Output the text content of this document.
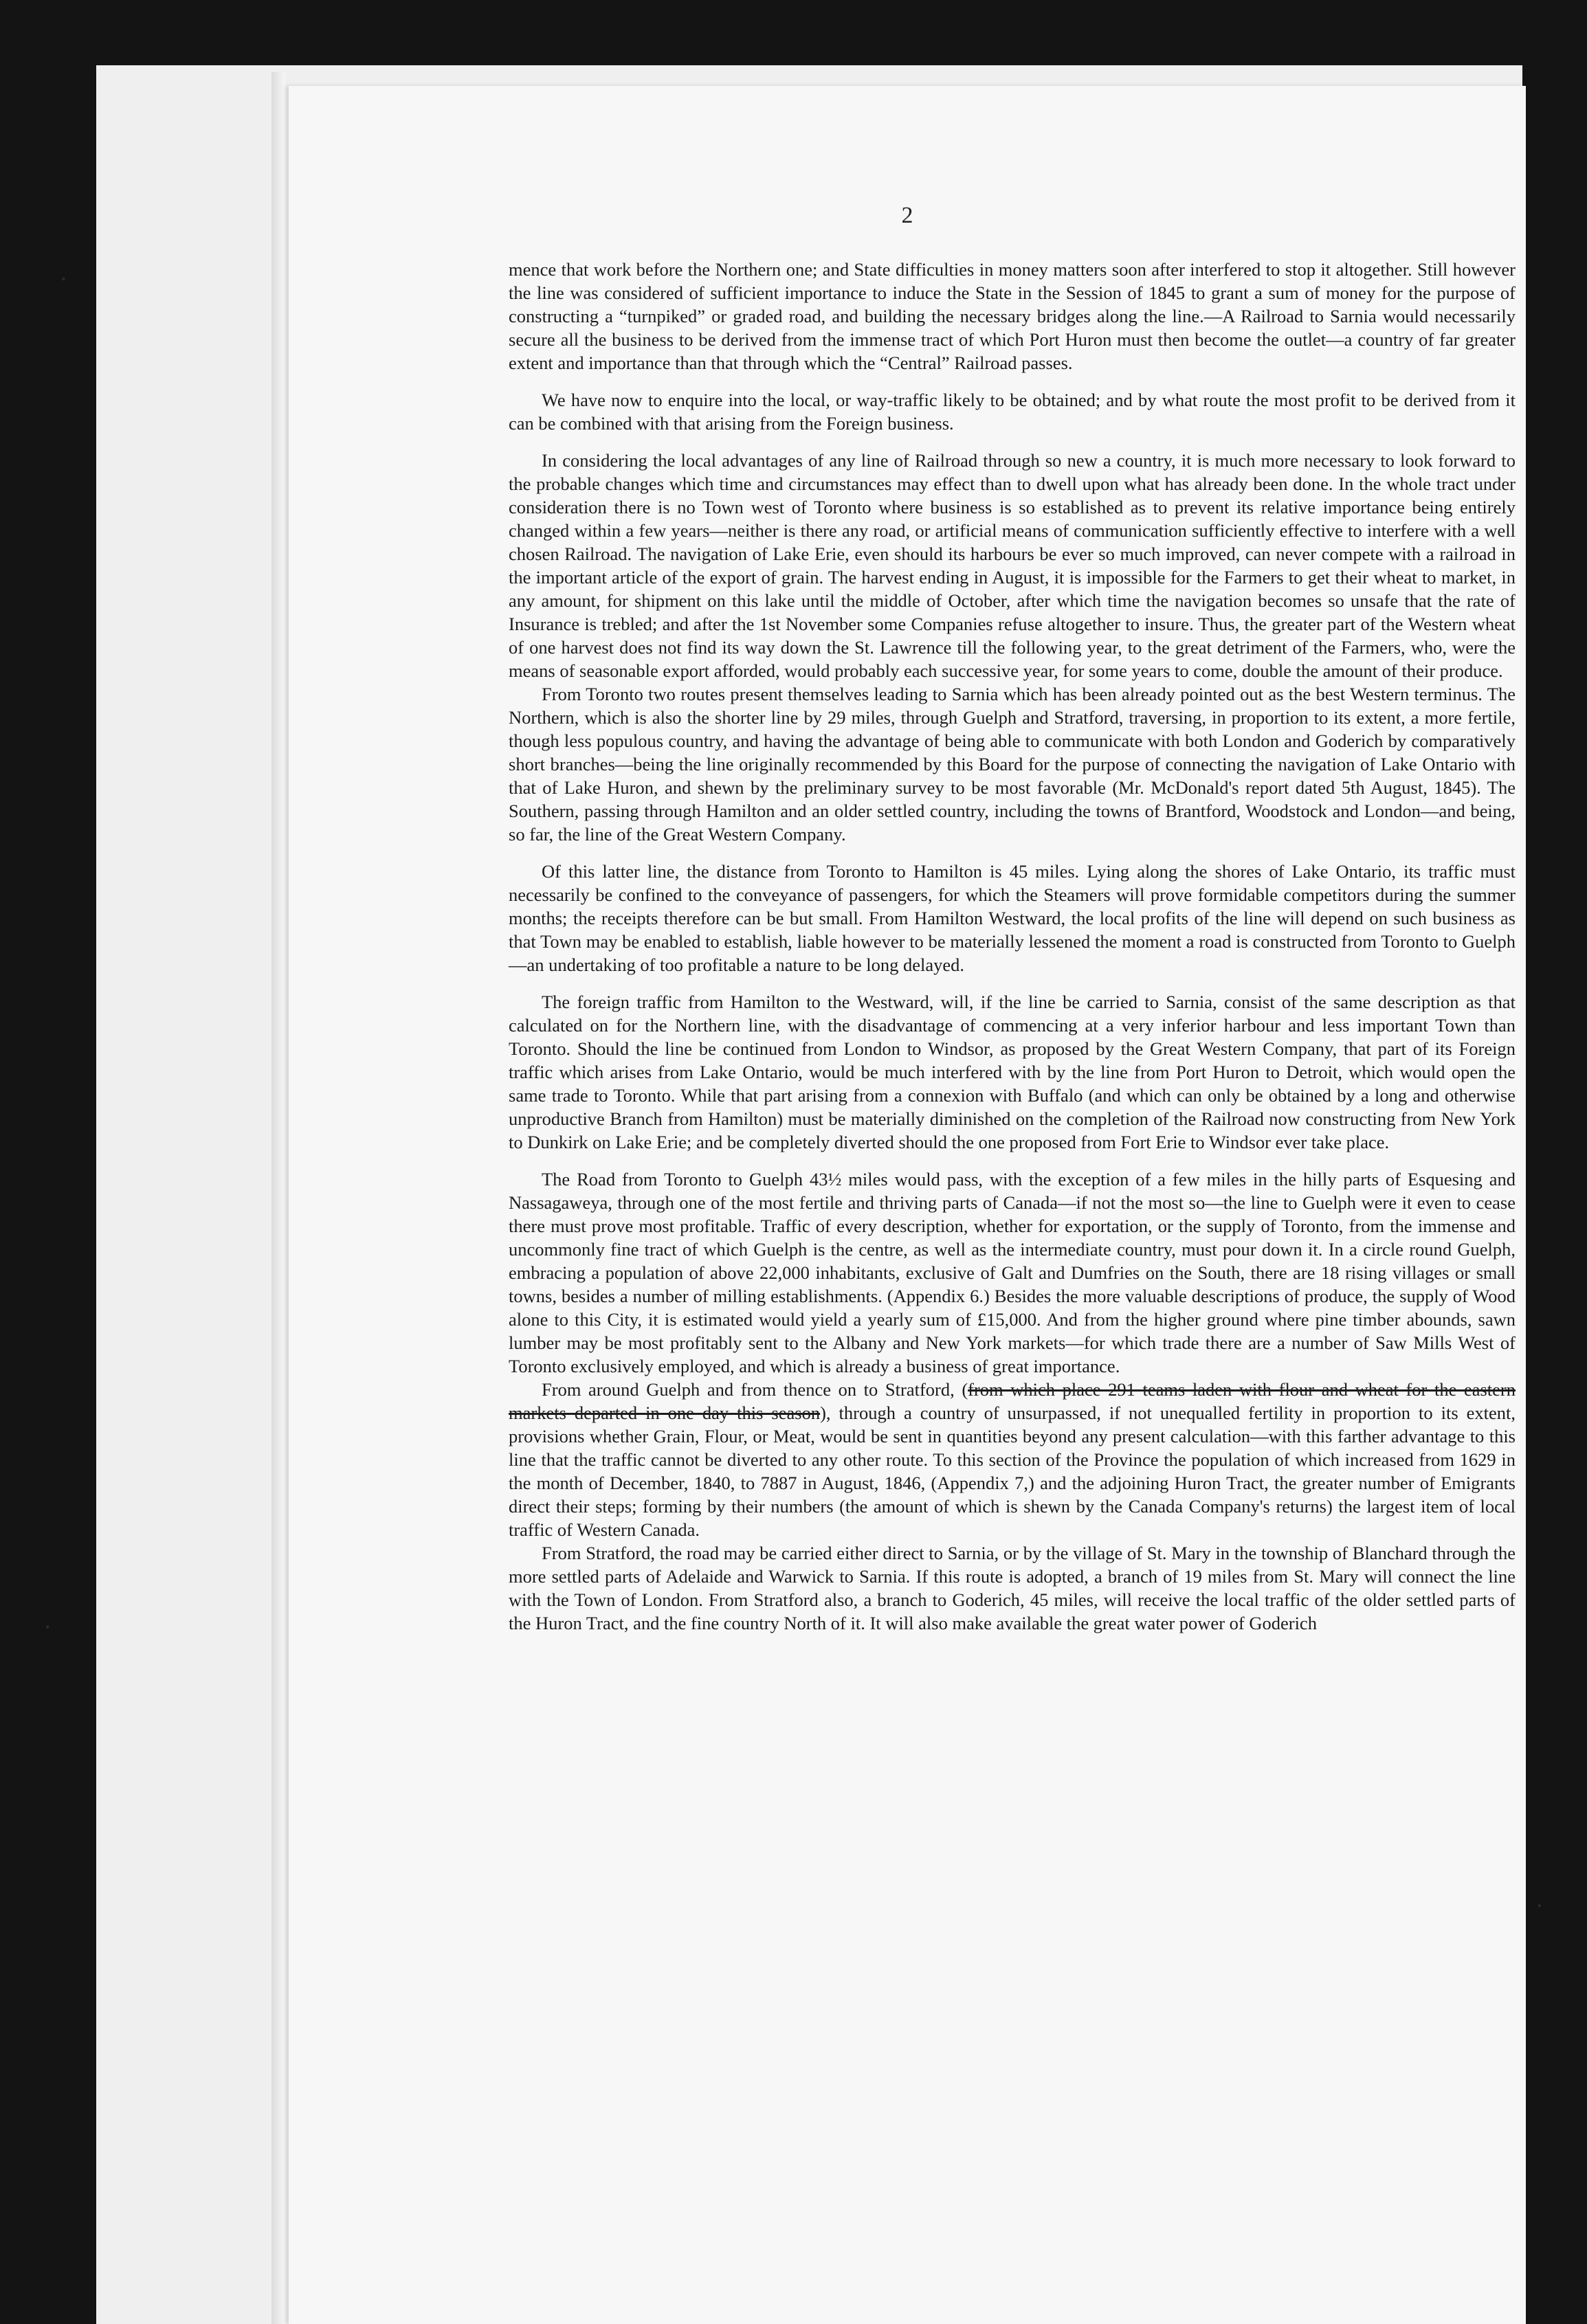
2

mence that work before the Northern one; and State difficulties in money matters soon after interfered to stop it altogether. Still however the line was considered of sufficient importance to induce the State in the Session of 1845 to grant a sum of money for the purpose of constructing a “turnpiked” or graded road, and building the necessary bridges along the line.—A Railroad to Sarnia would necessarily secure all the business to be derived from the immense tract of which Port Huron must then become the outlet—a country of far greater extent and importance than that through which the “Central” Railroad passes.

We have now to enquire into the local, or way-traffic likely to be obtained; and by what route the most profit to be derived from it can be combined with that arising from the Foreign business.

In considering the local advantages of any line of Railroad through so new a country, it is much more necessary to look forward to the probable changes which time and circumstances may effect than to dwell upon what has already been done. In the whole tract under consideration there is no Town west of Toronto where business is so established as to prevent its relative importance being entirely changed within a few years—neither is there any road, or artificial means of communication sufficiently effective to interfere with a well chosen Railroad. The navigation of Lake Erie, even should its harbours be ever so much improved, can never compete with a railroad in the important article of the export of grain. The harvest ending in August, it is impossible for the Farmers to get their wheat to market, in any amount, for shipment on this lake until the middle of October, after which time the navigation becomes so unsafe that the rate of Insurance is trebled; and after the 1st November some Companies refuse altogether to insure. Thus, the greater part of the Western wheat of one harvest does not find its way down the St. Lawrence till the following year, to the great detriment of the Farmers, who, were the means of seasonable export afforded, would probably each successive year, for some years to come, double the amount of their produce.

From Toronto two routes present themselves leading to Sarnia which has been already pointed out as the best Western terminus. The Northern, which is also the shorter line by 29 miles, through Guelph and Stratford, traversing, in proportion to its extent, a more fertile, though less populous country, and having the advantage of being able to communicate with both London and Goderich by comparatively short branches—being the line originally recommended by this Board for the purpose of connecting the navigation of Lake Ontario with that of Lake Huron, and shewn by the preliminary survey to be most favorable (Mr. McDonald's report dated 5th August, 1845). The Southern, passing through Hamilton and an older settled country, including the towns of Brantford, Woodstock and London—and being, so far, the line of the Great Western Company.

Of this latter line, the distance from Toronto to Hamilton is 45 miles. Lying along the shores of Lake Ontario, its traffic must necessarily be confined to the conveyance of passengers, for which the Steamers will prove formidable competitors during the summer months; the receipts therefore can be but small. From Hamilton Westward, the local profits of the line will depend on such business as that Town may be enabled to establish, liable however to be materially lessened the moment a road is constructed from Toronto to Guelph—an undertaking of too profitable a nature to be long delayed.

The foreign traffic from Hamilton to the Westward, will, if the line be carried to Sarnia, consist of the same description as that calculated on for the Northern line, with the disadvantage of commencing at a very inferior harbour and less important Town than Toronto. Should the line be continued from London to Windsor, as proposed by the Great Western Company, that part of its Foreign traffic which arises from Lake Ontario, would be much interfered with by the line from Port Huron to Detroit, which would open the same trade to Toronto. While that part arising from a connexion with Buffalo (and which can only be obtained by a long and otherwise unproductive Branch from Hamilton) must be materially diminished on the completion of the Railroad now constructing from New York to Dunkirk on Lake Erie; and be completely diverted should the one proposed from Fort Erie to Windsor ever take place.

The Road from Toronto to Guelph 43½ miles would pass, with the exception of a few miles in the hilly parts of Esquesing and Nassagaweya, through one of the most fertile and thriving parts of Canada—if not the most so—the line to Guelph were it even to cease there must prove most profitable. Traffic of every description, whether for exportation, or the supply of Toronto, from the immense and uncommonly fine tract of which Guelph is the centre, as well as the intermediate country, must pour down it. In a circle round Guelph, embracing a population of above 22,000 inhabitants, exclusive of Galt and Dumfries on the South, there are 18 rising villages or small towns, besides a number of milling establishments. (Appendix 6.) Besides the more valuable descriptions of produce, the supply of Wood alone to this City, it is estimated would yield a yearly sum of £15,000. And from the higher ground where pine timber abounds, sawn lumber may be most profitably sent to the Albany and New York markets—for which trade there are a number of Saw Mills West of Toronto exclusively employed, and which is already a business of great importance.

From around Guelph and from thence on to Stratford, (from which place 291 teams laden with flour and wheat for the eastern markets departed in one day this season), through a country of unsurpassed, if not unequalled fertility in proportion to its extent, provisions whether Grain, Flour, or Meat, would be sent in quantities beyond any present calculation—with this farther advantage to this line that the traffic cannot be diverted to any other route. To this section of the Province the population of which increased from 1629 in the month of December, 1840, to 7887 in August, 1846, (Appendix 7,) and the adjoining Huron Tract, the greater number of Emigrants direct their steps; forming by their numbers (the amount of which is shewn by the Canada Company's returns) the largest item of local traffic of Western Canada.

From Stratford, the road may be carried either direct to Sarnia, or by the village of St. Mary in the township of Blanchard through the more settled parts of Adelaide and Warwick to Sarnia. If this route is adopted, a branch of 19 miles from St. Mary will connect the line with the Town of London. From Stratford also, a branch to Goderich, 45 miles, will receive the local traffic of the older settled parts of the Huron Tract, and the fine country North of it. It will also make available the great water power of Goderich
